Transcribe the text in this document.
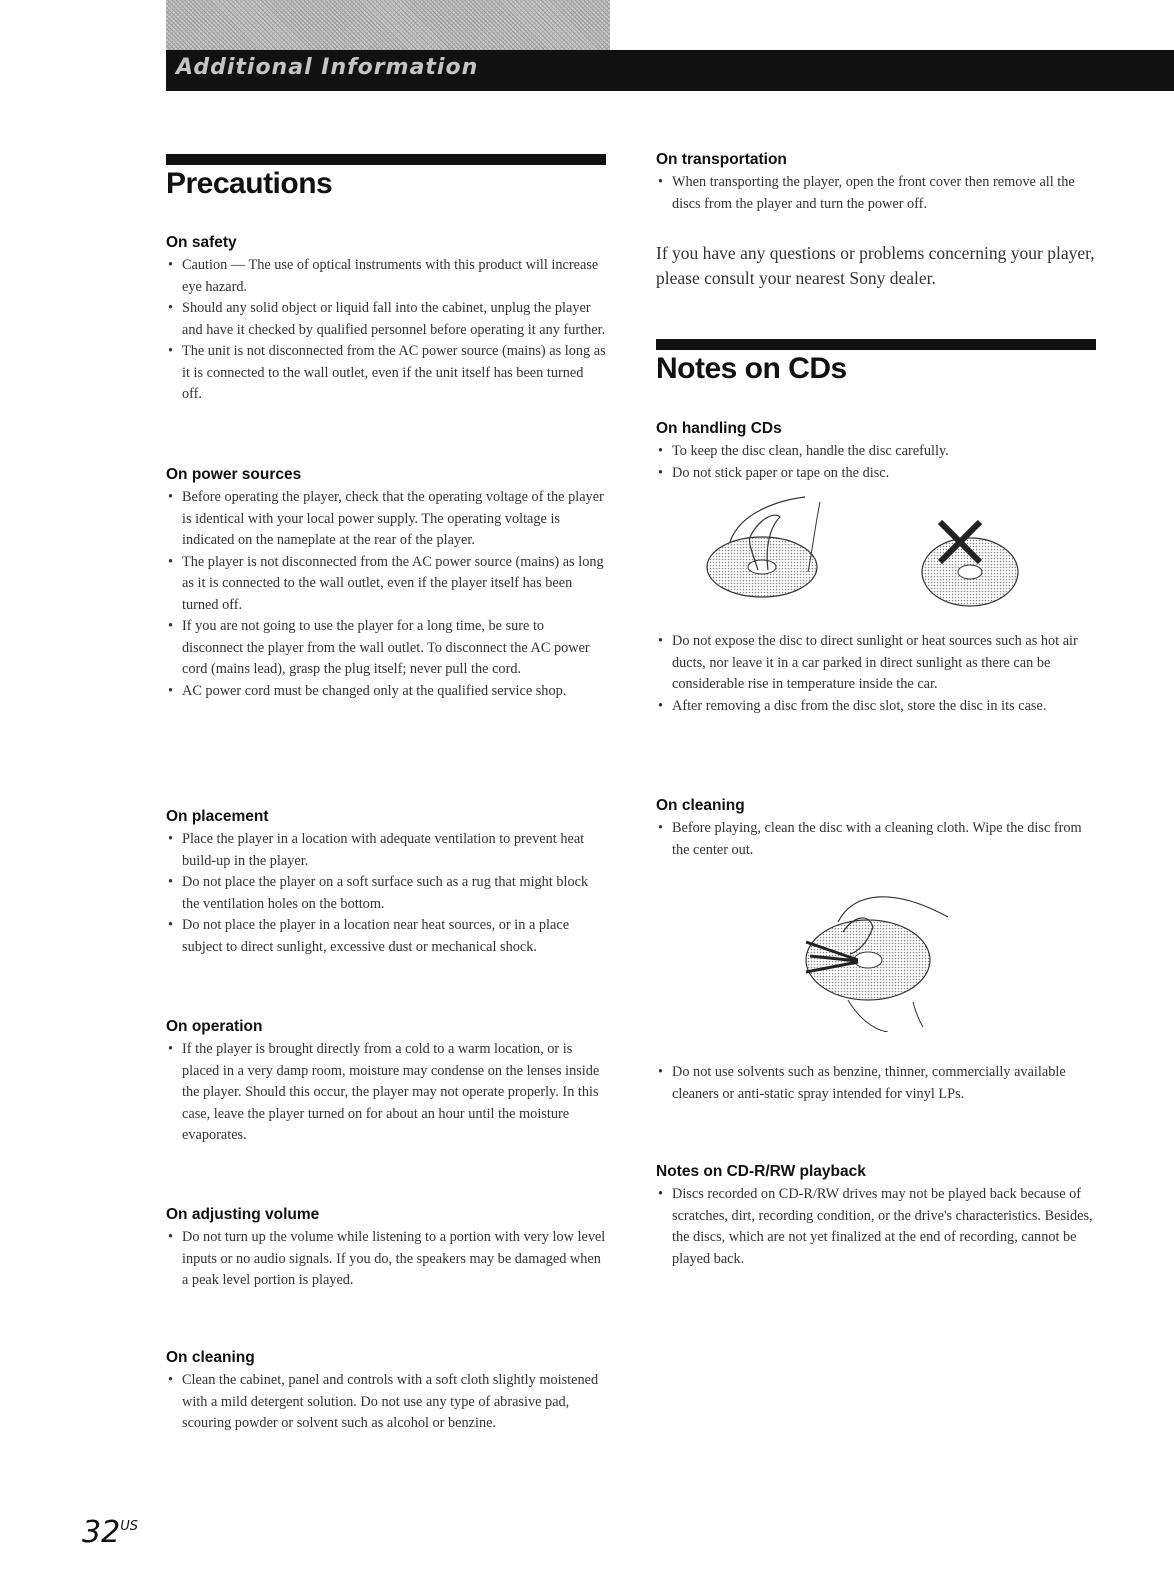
Additional Information
Precautions
On safety
• Caution — The use of optical instruments with this product will increase eye hazard.
• Should any solid object or liquid fall into the cabinet, unplug the player and have it checked by qualified personnel before operating it any further.
• The unit is not disconnected from the AC power source (mains) as long as it is connected to the wall outlet, even if the unit itself has been turned off.
On power sources
• Before operating the player, check that the operating voltage of the player is identical with your local power supply. The operating voltage is indicated on the nameplate at the rear of the player.
• The player is not disconnected from the AC power source (mains) as long as it is connected to the wall outlet, even if the player itself has been turned off.
• If you are not going to use the player for a long time, be sure to disconnect the player from the wall outlet. To disconnect the AC power cord (mains lead), grasp the plug itself; never pull the cord.
• AC power cord must be changed only at the qualified service shop.
On placement
• Place the player in a location with adequate ventilation to prevent heat build-up in the player.
• Do not place the player on a soft surface such as a rug that might block the ventilation holes on the bottom.
• Do not place the player in a location near heat sources, or in a place subject to direct sunlight, excessive dust or mechanical shock.
On operation
• If the player is brought directly from a cold to a warm location, or is placed in a very damp room, moisture may condense on the lenses inside the player. Should this occur, the player may not operate properly. In this case, leave the player turned on for about an hour until the moisture evaporates.
On adjusting volume
• Do not turn up the volume while listening to a portion with very low level inputs or no audio signals. If you do, the speakers may be damaged when a peak level portion is played.
On cleaning
• Clean the cabinet, panel and controls with a soft cloth slightly moistened with a mild detergent solution. Do not use any type of abrasive pad, scouring powder or solvent such as alcohol or benzine.
On transportation
• When transporting the player, open the front cover then remove all the discs from the player and turn the power off.
If you have any questions or problems concerning your player, please consult your nearest Sony dealer.
Notes on CDs
On handling CDs
• To keep the disc clean, handle the disc carefully.
• Do not stick paper or tape on the disc.
• Do not expose the disc to direct sunlight or heat sources such as hot air ducts, nor leave it in a car parked in direct sunlight as there can be considerable rise in temperature inside the car.
• After removing a disc from the disc slot, store the disc in its case.
On cleaning
• Before playing, clean the disc with a cleaning cloth. Wipe the disc from the center out.
• Do not use solvents such as benzine, thinner, commercially available cleaners or anti-static spray intended for vinyl LPs.
Notes on CD-R/RW playback
• Discs recorded on CD-R/RW drives may not be played back because of scratches, dirt, recording condition, or the drive's characteristics. Besides, the discs, which are not yet finalized at the end of recording, cannot be played back.
$32^{US}$
